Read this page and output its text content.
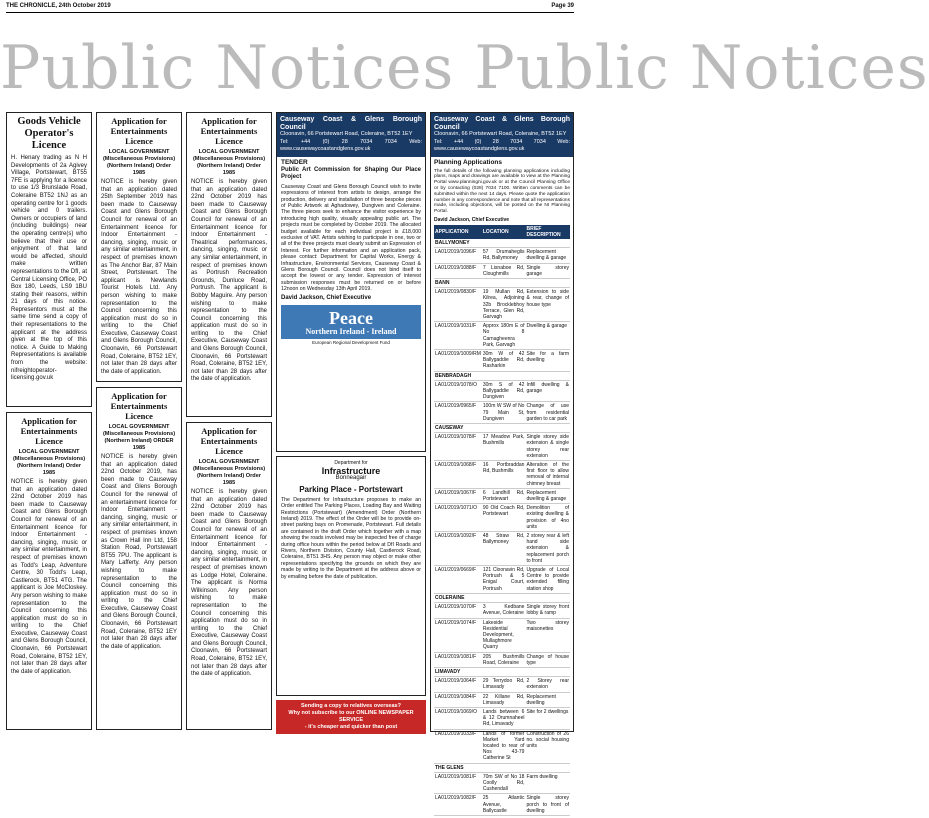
THE CHRONICLE, 24th October 2019	Page 39
Public Notices Public Notices
Goods Vehicle Operator's Licence

H. Henary trading as N H Developments of 2a Agivey Village, Portstewart, BT55 7FE is applying for a licence to use 1/3 Brunslade Road, Coleraine BT52 1NJ as an operating centre for 1 goods vehicle and 0 trailers. Owners or occupiers of land (including buildings) near the operating centre(s) who believe that their use or enjoyment of that land would be affected, should make written representations to the DfI, at Central Licensing Office, PO Box 180, Leeds, LS9 1BU stating their reasons, within 21 days of this notice. Representors must at the same time send a copy of their representations to the applicant at the address given at the top of this notice. A Guide to Making Representations is available from the website: nifreightoperator-licensing.gov.uk

Application for Entertainments Licence
LOCAL GOVERNMENT (Miscellaneous Provisions) (Northern Ireland) Order 1985

NOTICE is hereby given that an application dated 22nd October 2019 has been made to Causeway Coast and Glens Borough Council for renewal of an Entertainment licence for Indoor Entertainment - dancing, singing, music or any similar entertainment, in respect of premises known as Todd's Leap, Adventure Centre, 30 Todd's Leap, Castlerock, BT51 4TG. The applicant is Joe McCloskey. Any person wishing to make representation to the Council concerning this application must do so in writing to the Chief Executive, Causeway Coast and Glens Borough Council, Cloonavin, 66 Portstewart Road, Coleraine, BT52 1EY, not later than 28 days after the date of application.

Application for Entertainments Licence
LOCAL GOVERNMENT (Miscellaneous Provisions) (Northern Ireland) Order 1985

NOTICE is hereby given that an application dated 25th September 2019 has been made to Causeway Coast and Glens Borough Council for renewal of an Entertainment licence for Indoor Entertainment - dancing, singing, music or any similar entertainment, in respect of premises known as The Anchor Bar, 87 Main Street, Portstewart. The applicant is Newlands Tourist Hotels Ltd. Any person wishing to make representation to the Council concerning this application must do so in writing to the Chief Executive, Causeway Coast and Glens Borough Council, Cloonavin, 66 Portstewart Road, Coleraine, BT52 1EY, not later than 28 days after the date of application.

Application for Entertainments Licence
LOCAL GOVERNMENT (Miscellaneous Provisions) (Northern Ireland) ORDER 1985

NOTICE is hereby given that an application dated 22nd October 2019, has been made to Causeway Coast and Glens Borough Council for the renewal of an entertainment licence for Indoor Entertainment - dancing, singing, music or any similar entertainment, in respect of premises known as Crown Hall Inn Ltd, 158 Station Road, Portstewart BT55 7PU. The applicant is Mary Lafferty. Any person wishing to make representation to the Council concerning this application must do so in writing to the Chief Executive, Causeway Coast and Glens Borough Council, Cloonavin, 66 Portstewart Road, Coleraine, BT52 1EY not later than 28 days after the date of application.

Application for Entertainments Licence
LOCAL GOVERNMENT (Miscellaneous Provisions) (Northern Ireland) Order 1985

NOTICE is hereby given that an application dated 22nd October 2019 has been made to Causeway Coast and Glens Borough Council for renewal of an Entertainment licence for Indoor Entertainment - Theatrical performances, dancing, singing, music or any similar entertainment, in respect of premises known as Portrush Recreation Grounds, Dunluce Road, Portrush. The applicant is Bobby Maguire. Any person wishing to make representation to the Council concerning this application must do so in writing to the Chief Executive, Causeway Coast and Glens Borough Council, Cloonavin, 66 Portstewart Road, Coleraine, BT52 1EY, not later than 28 days after the date of application.

Application for Entertainments Licence
LOCAL GOVERNMENT (Miscellaneous Provisions) (Northern Ireland) Order 1985

NOTICE is hereby given that an application dated 22nd October 2019 has been made to Causeway Coast and Glens Borough Council for renewal of an Entertainment licence for Indoor Entertainment - dancing, singing, music or any similar entertainment, in respect of premises known as Lodge Hotel, Coleraine. The applicant is Norma Wilkinson. Any person wishing to make representation to the Council concerning this application must do so in writing to the Chief Executive, Causeway Coast and Glens Borough Council, Cloonavin, 66 Portstewart Road, Coleraine, BT52 1EY, not later than 28 days after the date of application.

Causeway Coast & Glens Borough Council
Cloonavin, 66 Portstewart Road, Coleraine, BT52 1EY
Tel: +44 (0) 28 7034 7034 Web: www.causewaycoastandglens.gov.uk
TENDER
Public Art Commission for Shaping Our Place Project

Causeway Coast and Glens Borough Council wish to invite expressions of interest from artists to design, arrange the production, delivery and installation of three bespoke pieces of Public Artwork at Aghadowey, Dungiven and Coleraine. The three pieces seek to enhance the visitor experience by introducing high quality, visually appealing public art. The projects must be completed by October 2019. The allocated budget available for each individual project is £18,000 exclusive of VAT. Artists wishing to participate in one, two or all of the three projects must clearly submit an Expression of Interest. For further information and an application pack, please contact: Department for Capital Works, Energy & Infrastructure, Environmental Services, Causeway Coast & Glens Borough Council. Council does not bind itself to accept the lowest or any tender. Expression of interest submission responses must be returned on or before 12noon on Wednesday 13th April 2019.

David Jackson, Chief Executive
Peace
Northern Ireland - Ireland
European Regional Development Fund
Department for
Infrastructure
Bonneagair
Parking Place - Portstewart

The Department for Infrastructure proposes to make an Order entitled The Parking Places, Loading Bay and Waiting Restrictions (Portstewart) (Amendment) Order (Northern Ireland) 2019. The effect of the Order will be to provide on-street parking bays on Promenade, Portstewart. Full details are contained in the draft Order which together with a map showing the roads involved may be inspected free of charge during office hours within the period below at DfI Roads and Rivers, Northern Division, County Hall, Castlerock Road, Coleraine, BT51 3HS. Any person may object or make other representations specifying the grounds on which they are made by writing to the Department at the address above or by emailing before the date of publication.

Sending a copy to relatives overseas?
Why not subscribe to our ONLINE NEWSPAPER SERVICE
- it's cheaper and quicker than post
Causeway Coast & Glens Borough Council
Cloonavin, 66 Portstewart Road, Coleraine, BT52 1EY
Tel: +44 (0) 28 7034 7034 Web: www.causewaycoastandglens.gov.uk
Planning Applications

The full details of the following planning applications including plans, maps and drawings are available to view at the Planning Portal www.planningni.gov.uk or at the Council Planning Office or by contacting (028) 7034 7100. Written comments can be submitted within the next 14 days. Please quote the application number in any correspondence and note that all representations made, including objections, will be posted on the NI Planning Portal.

David Jackson, Chief Executive
APPLICATION	LOCATION	BRIEF DESCRIPTION
BALLYMONEY		
LA01/2019/1096/F	57 Drumaheglis Rd, Ballymoney	Replacement dwelling & garage
LA01/2019/1088/F	7 Lisnaboe Rd, Cloughmills	Single storey garage
BANN		
LA01/2019/0830/F	19 Mullan Rd, Kilrea, Adjoining 32b Brocklebhoy Terrace, Glen Rd, Garvagh	Extension to side & rear, change of house type
LA01/2019/1031/F	Approx 180m E of No 8 Carnagheenra Park, Garvagh	Dwelling & garage
LA01/2019/1009/RM	30m W of 42 Ballygaddie Rd, Rasharkin	Site for a farm dwelling
BENBRADAGH		
LA01/2019/1078/O	30m S of 42 Ballygaddie Rd, Dungiven	Infill dwelling & garage
LA01/2019/0965/F	100m W SW of No 79 Main St, Dungiven	Change of use from residential garden to car park
CAUSEWAY		
LA01/2019/1078/F	17 Meadow Park, Bushmills	Single storey side extension & single storey rear extension
LA01/2019/1068/F	16 Portbraddan Rd, Bushmills	Alteration of the first floor to allow removal of internal chimney breast
LA01/2019/1067/F	6 Landhill Rd, Portstewart	Replacement dwelling & garage
LA01/2019/1071/O	90 Old Coach Rd, Portstewart	Demolition of existing dwelling & provision of 4no units
LA01/2019/1092/F	48 Straw Rd, Ballymoney	2 storey rear & left hand side extension & replacement porch to front
LA01/2019/0669/F	121 Cloonavin Rd, Portrush & 5 Enigal Court, Portrush	Upgrade of Local Centre to provide extended filling station shop
COLERAINE		
LA01/2019/1070/F	3 Kedbane Avenue, Coleraine	Single storey front lobby & ramp
LA01/2019/1074/F	Lakeside Residential Development, Mullaghmore Quarry	Two storey maisonettes
LA01/2019/1081/F	205 Bushmills Road, Coleraine	Change of house type
LIMAVADY		
LA01/2019/1064/F	29 Terrydoo Rd, Limavady	2 Storey rear extension
LA01/2019/1084/F	22 Killane Rd, Limavady	Replacement dwelling
LA01/2019/1069/O	Lands between 6 & 12 Drumnaheel Rd, Limavady	Site for 2 dwellings
LA01/2019/1033/F	Lands of former Market Yard located to rear of Nos 43-79 Catherine St	Construction of 26 no. social housing units
THE GLENS		
LA01/2019/1081/F	70m SW of No 18 Coolly Rd, Cushendall	Farm dwelling
LA01/2019/1082/F	25 Atlantic Avenue, Ballycastle	Single storey porch to front of dwelling
